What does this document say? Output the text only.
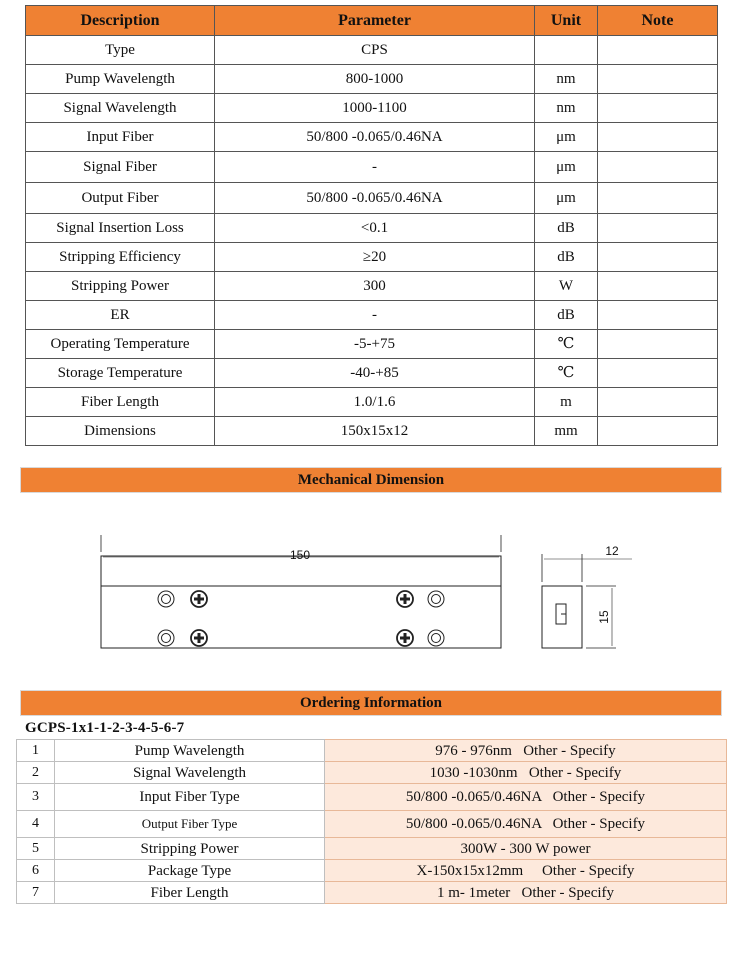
Description	Parameter	Unit	Note
Type	CPS		
Pump Wavelength	800-1000	nm	
Signal Wavelength	1000-1100	nm	
Input Fiber	50/800 -0.065/0.46NA	μm	
Signal Fiber	-	μm	
Output Fiber	50/800 -0.065/0.46NA	μm	
Signal Insertion Loss	<0.1	dB	
Stripping Efficiency	≥20	dB	
Stripping Power	300	W	
ER	-	dB	
Operating Temperature	-5-+75	℃	
Storage Temperature	-40-+85	℃	
Fiber Length	1.0/1.6	m	
Dimensions	150x15x12	mm	
Mechanical Dimension
150	12
15
Ordering Information
GCPS-1x1-1-2-3-4-5-6-7
1	Pump Wavelength	976 - 976nm   Other - Specify
2	Signal Wavelength	1030 -1030nm   Other - Specify
3	Input Fiber Type	50/800 -0.065/0.46NA   Other - Specify
4	Output Fiber Type	50/800 -0.065/0.46NA   Other - Specify
5	Stripping Power	300W - 300 W power
6	Package Type	X-150x15x12mm     Other - Specify
7	Fiber Length	1 m- 1meter   Other - Specify
